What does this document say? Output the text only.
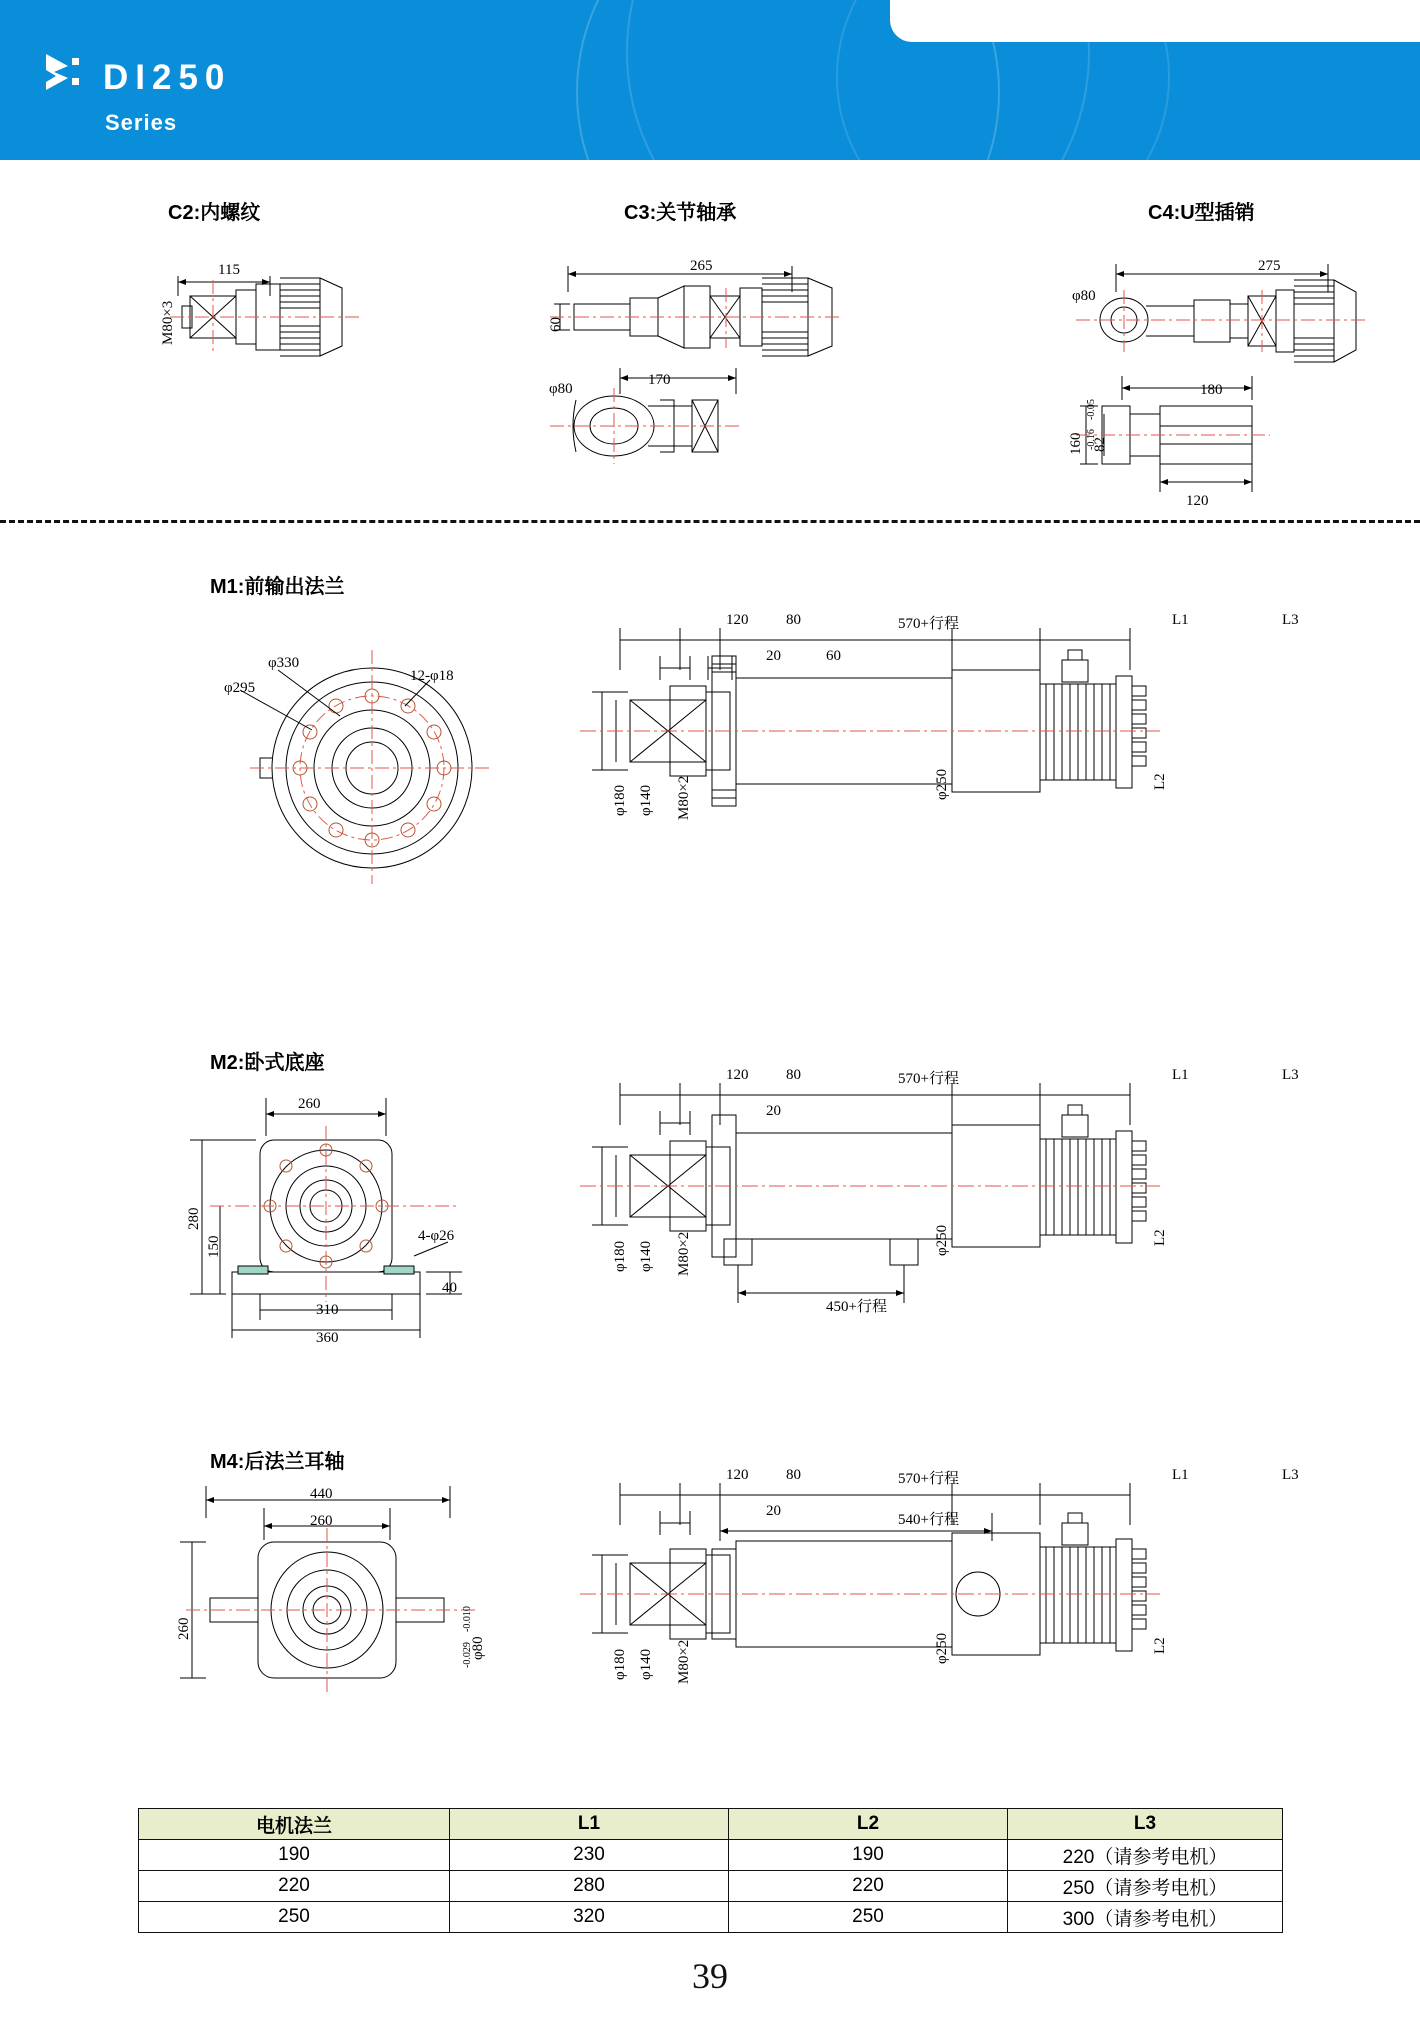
DI250
Series
C2:内螺纹	C3:关节轴承	C4:U型插销
115
M80×3
265
60
170
φ80
275
φ80
180
160 82
-0.16
-0.05
120
M1:前输出法兰
φ330
φ295
12-φ18
120	80	570+行程	L1	L3
20	60
φ180 φ140 M80×2	φ250	L2
M2:卧式底座
260
280
150	4-φ26
40
310
360
120	80	570+行程	L1	L3
20
φ180 φ140 M80×2	φ250	L2
450+行程
M4:后法兰耳轴
440
260
260
φ80
-0.010
-0.029
120	80	570+行程	L1	L3
20
540+行程
φ180 φ140 M80×2	φ250	L2
电机法兰	L1	L2	L3
190	230	190	220（请参考电机）
220	280	220	250（请参考电机）
250	320	250	300（请参考电机）
39
